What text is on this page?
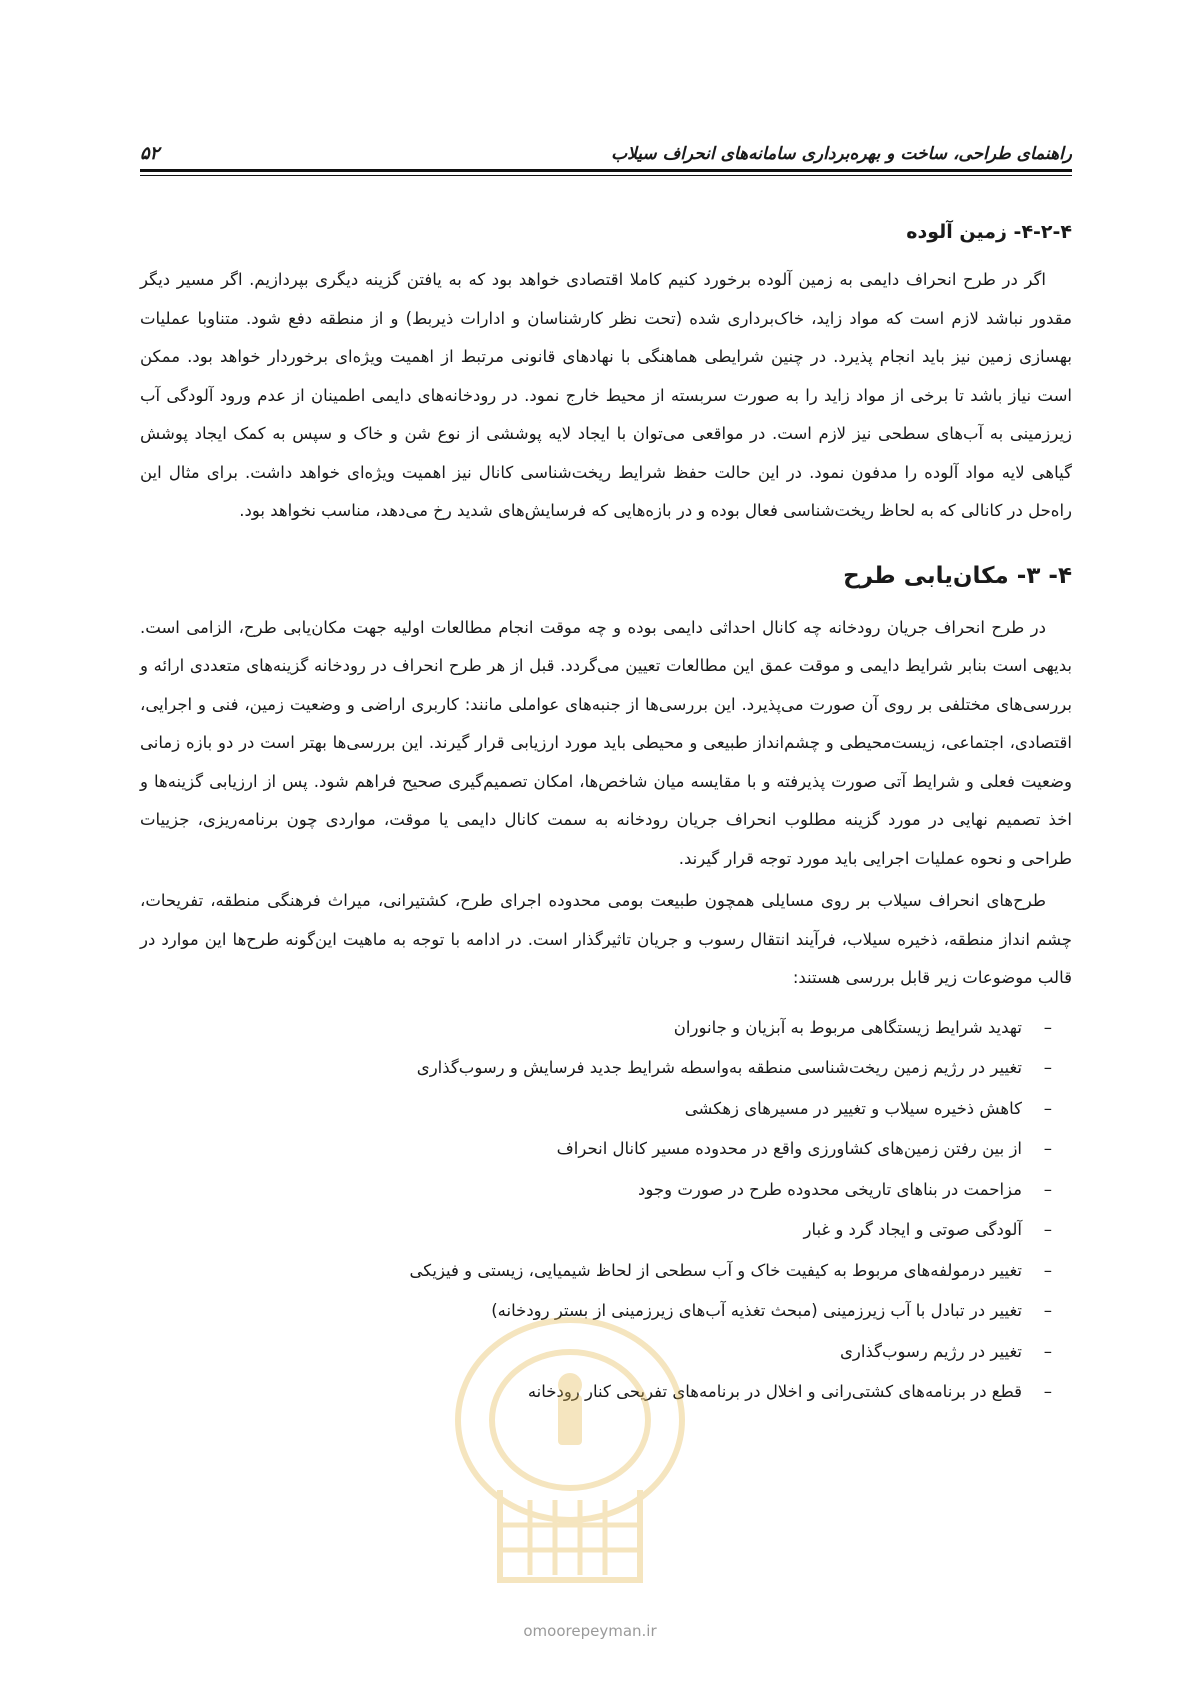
راهنمای طراحی، ساخت و بهره‌برداری سامانه‌های انحراف سیلاب
۵۲
۴-۲-۴- زمین آلوده

اگر در طرح انحراف دایمی به زمین آلوده برخورد کنیم کاملا اقتصادی خواهد بود که به یافتن گزینه دیگری بپردازیم. اگر مسیر دیگر مقدور نباشد لازم است که مواد زاید، خاک‌برداری شده (تحت نظر کارشناسان و ادارات ذیربط) و از منطقه دفع شود. متناوبا عملیات بهسازی زمین نیز باید انجام پذیرد. در چنین شرایطی هماهنگی با نهادهای قانونی مرتبط از اهمیت ویژه‌ای برخوردار خواهد بود. ممکن است نیاز باشد تا برخی از مواد زاید را به صورت سربسته از محیط خارج نمود. در رودخانه‌های دایمی اطمینان از عدم ورود آلودگی آب زیرزمینی به آب‌های سطحی نیز لازم است. در مواقعی می‌توان با ایجاد لایه پوششی از نوع شن و خاک و سپس به کمک ایجاد پوشش گیاهی لایه مواد آلوده را مدفون نمود. در این حالت حفظ شرایط ریخت‌شناسی کانال نیز اهمیت ویژه‌ای خواهد داشت. برای مثال این راه‌حل در کانالی که به لحاظ ریخت‌شناسی فعال بوده و در بازه‌هایی که فرسایش‌های شدید رخ می‌دهد، مناسب نخواهد بود.

۴- ۳- مکان‌یابی طرح

در طرح انحراف جریان رودخانه چه کانال احداثی دایمی بوده و چه موقت انجام مطالعات اولیه جهت مکان‌یابی طرح، الزامی است. بدیهی است بنابر شرایط دایمی و موقت عمق این مطالعات تعیین می‌گردد. قبل از هر طرح انحراف در رودخانه گزینه‌های متعددی ارائه و بررسی‌های مختلفی بر روی آن صورت می‌پذیرد. این بررسی‌ها از جنبه‌های عواملی مانند: کاربری اراضی و وضعیت زمین، فنی و اجرایی، اقتصادی، اجتماعی، زیست‌محیطی و چشم‌انداز طبیعی و محیطی باید مورد ارزیابی قرار گیرند. این بررسی‌ها بهتر است در دو بازه زمانی وضعیت فعلی و شرایط آتی صورت پذیرفته و با مقایسه میان شاخص‌ها، امکان تصمیم‌گیری صحیح فراهم شود. پس از ارزیابی گزینه‌ها و اخذ تصمیم نهایی در مورد گزینه مطلوب انحراف جریان رودخانه به سمت کانال دایمی یا موقت، مواردی چون برنامه‌ریزی، جزییات طراحی و نحوه عملیات اجرایی باید مورد توجه قرار گیرند.

طرح‌های انحراف سیلاب بر روی مسایلی همچون طبیعت بومی محدوده اجرای طرح، کشتیرانی، میراث فرهنگی منطقه، تفریحات، چشم انداز منطقه، ذخیره سیلاب، فرآیند انتقال رسوب و جریان تاثیرگذار است. در ادامه با توجه به ماهیت این‌گونه طرح‌ها این موارد در قالب موضوعات زیر قابل بررسی هستند:

– تهدید شرایط زیستگاهی مربوط به آبزیان و جانوران
– تغییر در رژیم زمین ریخت‌شناسی منطقه به‌واسطه شرایط جدید فرسایش و رسوب‌گذاری
– کاهش ذخیره سیلاب و تغییر در مسیرهای زهکشی
– از بین رفتن زمین‌های کشاورزی واقع در محدوده مسیر کانال انحراف
– مزاحمت در بناهای تاریخی محدوده طرح در صورت وجود
– آلودگی صوتی و ایجاد گرد و غبار
– تغییر درمولفه‌های مربوط به کیفیت خاک و آب سطحی از لحاظ شیمیایی، زیستی و فیزیکی
– تغییر در تبادل با آب زیرزمینی (مبحث تغذیه آب‌های زیرزمینی از بستر رودخانه)
– تغییر در رژیم رسوب‌گذاری
– قطع در برنامه‌های کشتی‌رانی و اخلال در برنامه‌های تفریحی کنار رودخانه
omoorepeyman.ir
